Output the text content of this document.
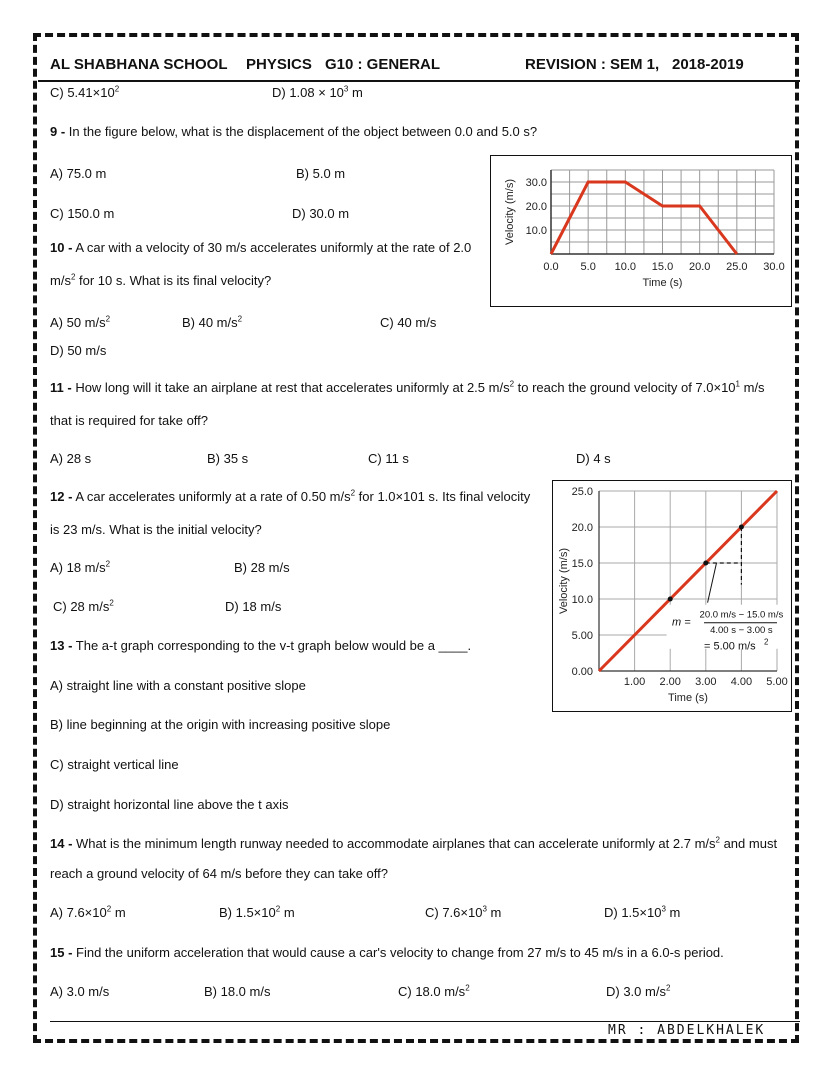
AL SHABHANA SCHOOL PHYSICS G10 : GENERAL	REVISION : SEM 1, 2018-2019
C) $5.41\times 10^2$	D) $1.08 \times 10^3$ m
9 - In the figure below, what is the displacement of the object between 0.0 and 5.0 s?
A) 75.0 m	B) 5.0 m
C) 150.0 m	D) 30.0 m
0.0 5.0 10.0 15.0 20.0 25.0 30.0
10.0
20.0
30.0
Time (s)
Velocity (m/s)
10 - A car with a velocity of 30 m/s accelerates uniformly at the rate of 2.0
$m/s^2$ for 10 s. What is its final velocity?
A) 50 $m/s^2$	B) 40 $m/s^2$	C) 40 m/s
D) 50 m/s
11 - How long will it take an airplane at rest that accelerates uniformly at 2.5 $m/s^2$ to reach the ground velocity of $7.0\times 10^1$ m/s
that is required for take off?
A) 28 s	B) 35 s	C) 11 s	D) 4 s
12 - A car accelerates uniformly at a rate of 0.50 $m/s^2$ for 1.0×101 s. Its final velocity
is 23 m/s. What is the initial velocity?
A) 18 $m/s^2$	B) 28 m/s
C) 28 $m/s^2$	D) 18 m/s
1.00 2.00 3.00 4.00 5.00
0.00
5.00
10.0
15.0
20.0
25.0
Time (s)
Velocity (m/s)
m =
20.0 m/s − 15.0 m/s
4.00 s − 3.00 s
= 5.00 m/s 2
13 - The a-t graph corresponding to the v-t graph below would be a ____.
A) straight line with a constant positive slope
B) line beginning at the origin with increasing positive slope
C) straight vertical line
D) straight horizontal line above the t axis
14 - What is the minimum length runway needed to accommodate airplanes that can accelerate uniformly at 2.7 $m/s^2$ and must
reach a ground velocity of 64 m/s before they can take off?
A) $7.6\times 10^2$ m	B) $1.5\times 10^2$ m	C) $7.6\times 10^3$ m	D) $1.5\times 10^3$ m
15 - Find the uniform acceleration that would cause a car's velocity to change from 27 m/s to 45 m/s in a 6.0-s period.
A) 3.0 m/s	B) 18.0 m/s	C) 18.0 $m/s^2$	D) 3.0 $m/s^2$
MR : ABDELKHALEK
